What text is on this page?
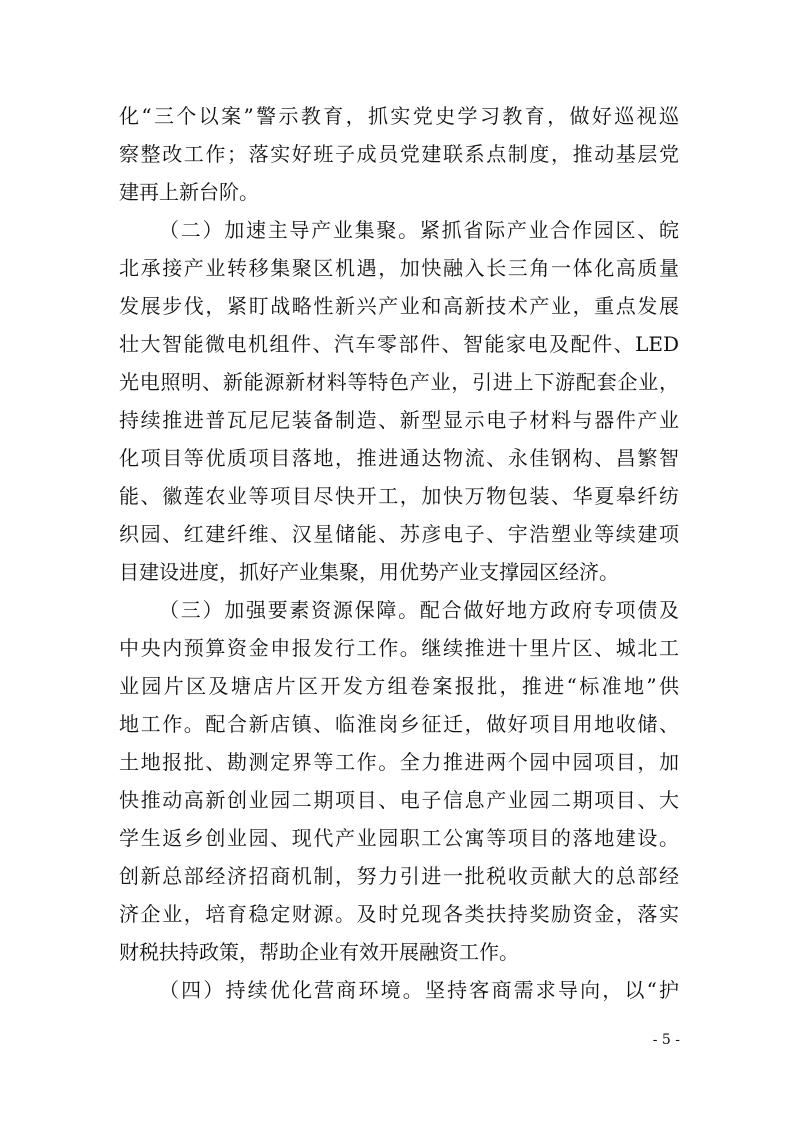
化“三个以案”警示教育，抓实党史学习教育，做好巡视巡
察整改工作；落实好班子成员党建联系点制度，推动基层党
建再上新台阶。
（二）加速主导产业集聚。紧抓省际产业合作园区、皖
北承接产业转移集聚区机遇，加快融入长三角一体化高质量
发展步伐，紧盯战略性新兴产业和高新技术产业，重点发展
壮大智能微电机组件、汽车零部件、智能家电及配件、LED
光电照明、新能源新材料等特色产业，引进上下游配套企业，
持续推进普瓦尼尼装备制造、新型显示电子材料与器件产业
化项目等优质项目落地，推进通达物流、永佳钢构、昌繁智
能、徽莲农业等项目尽快开工，加快万物包装、华夏皋纤纺
织园、红建纤维、汉星储能、苏彦电子、宇浩塑业等续建项
目建设进度，抓好产业集聚，用优势产业支撑园区经济。
（三）加强要素资源保障。配合做好地方政府专项债及
中央内预算资金申报发行工作。继续推进十里片区、城北工
业园片区及塘店片区开发方组卷案报批，推进“标准地”供
地工作。配合新店镇、临淮岗乡征迁，做好项目用地收储、
土地报批、勘测定界等工作。全力推进两个园中园项目，加
快推动高新创业园二期项目、电子信息产业园二期项目、大
学生返乡创业园、现代产业园职工公寓等项目的落地建设。
创新总部经济招商机制，努力引进一批税收贡献大的总部经
济企业，培育稳定财源。及时兑现各类扶持奖励资金，落实
财税扶持政策，帮助企业有效开展融资工作。
（四）持续优化营商环境。坚持客商需求导向，以“护
- 5 -
